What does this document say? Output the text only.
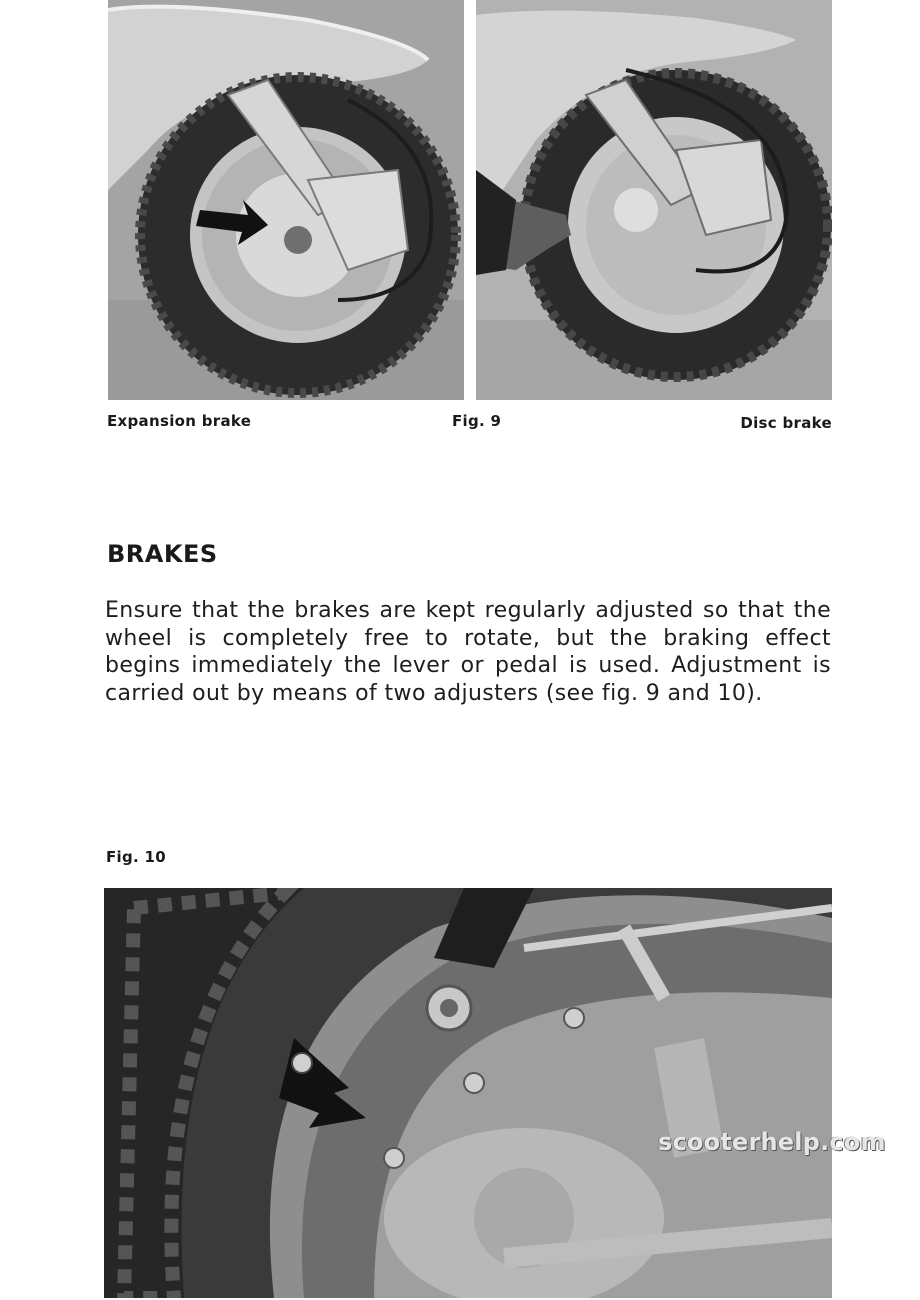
Expansion brake	Fig. 9	Disc brake
BRAKES

Ensure that the brakes are kept regularly adjusted so that the wheel is completely free to rotate, but the braking effect begins immediately the lever or pedal is used. Adjustment is carried out by means of two adjusters (see fig. 9 and 10).

Fig. 10
scooterhelp.com
